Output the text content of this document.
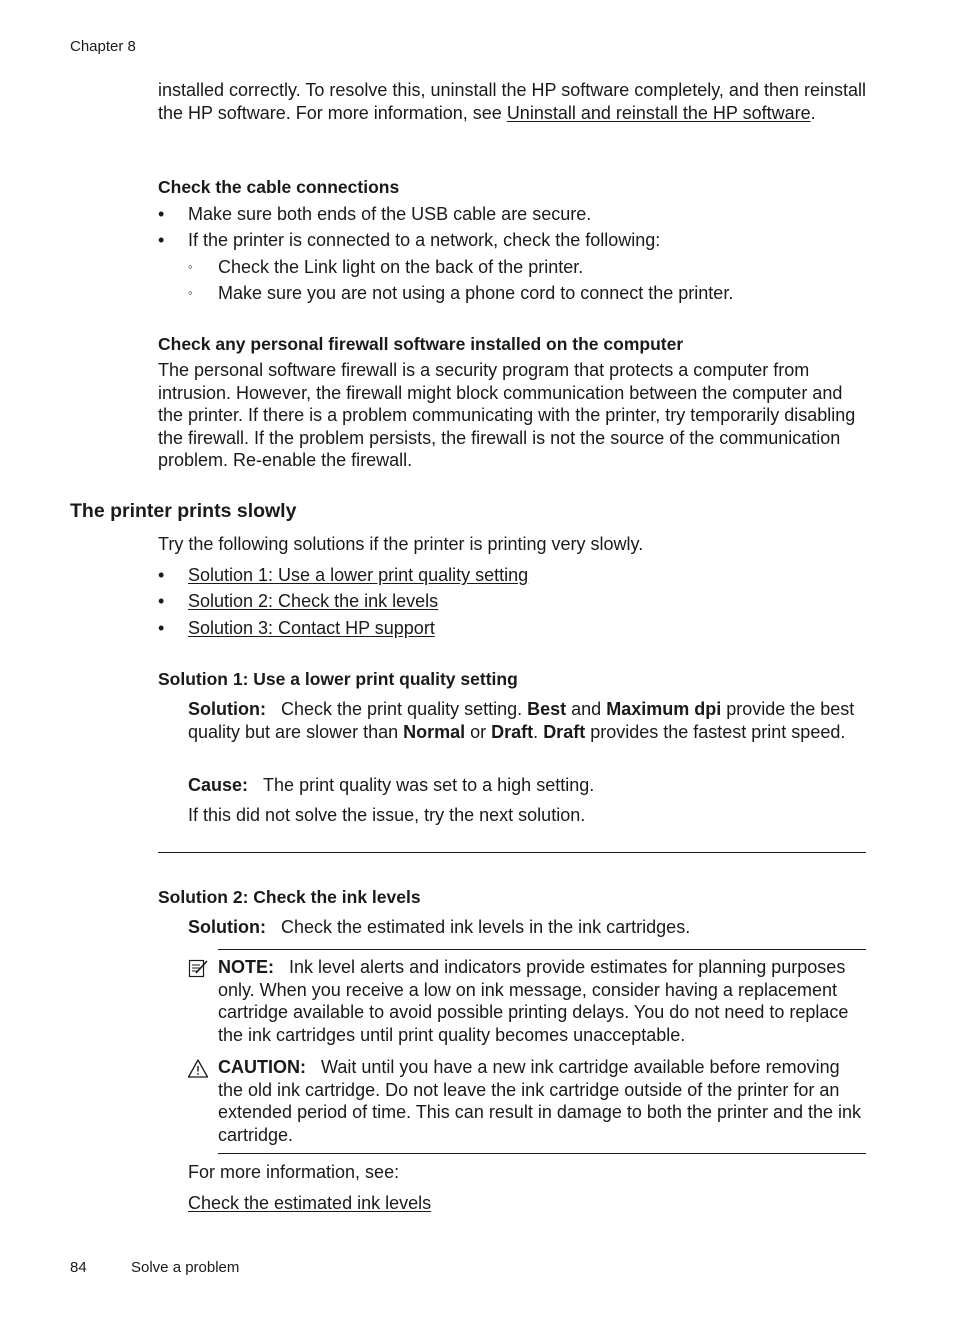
Chapter 8

installed correctly. To resolve this, uninstall the HP software completely, and then reinstall the HP software. For more information, see Uninstall and reinstall the HP software.

Check the cable connections
• Make sure both ends of the USB cable are secure.
• If the printer is connected to a network, check the following:
◦ Check the Link light on the back of the printer.
◦ Make sure you are not using a phone cord to connect the printer.
Check any personal firewall software installed on the computer

The personal software firewall is a security program that protects a computer from intrusion. However, the firewall might block communication between the computer and the printer. If there is a problem communicating with the printer, try temporarily disabling the firewall. If the problem persists, the firewall is not the source of the communication problem. Re-enable the firewall.

The printer prints slowly
Try the following solutions if the printer is printing very slowly.
• Solution 1: Use a lower print quality setting
• Solution 2: Check the ink levels
• Solution 3: Contact HP support
Solution 1: Use a lower print quality setting

Solution: Check the print quality setting. Best and Maximum dpi provide the best quality but are slower than Normal or Draft. Draft provides the fastest print speed.

Cause: The print quality was set to a high setting.
If this did not solve the issue, try the next solution.
Solution 2: Check the ink levels
Solution: Check the estimated ink levels in the ink cartridges.

NOTE: Ink level alerts and indicators provide estimates for planning purposes only. When you receive a low on ink message, consider having a replacement cartridge available to avoid possible printing delays. You do not need to replace the ink cartridges until print quality becomes unacceptable.

CAUTION: Wait until you have a new ink cartridge available before removing the old ink cartridge. Do not leave the ink cartridge outside of the printer for an extended period of time. This can result in damage to both the printer and the ink cartridge.

For more information, see:
Check the estimated ink levels
84	Solve a problem
